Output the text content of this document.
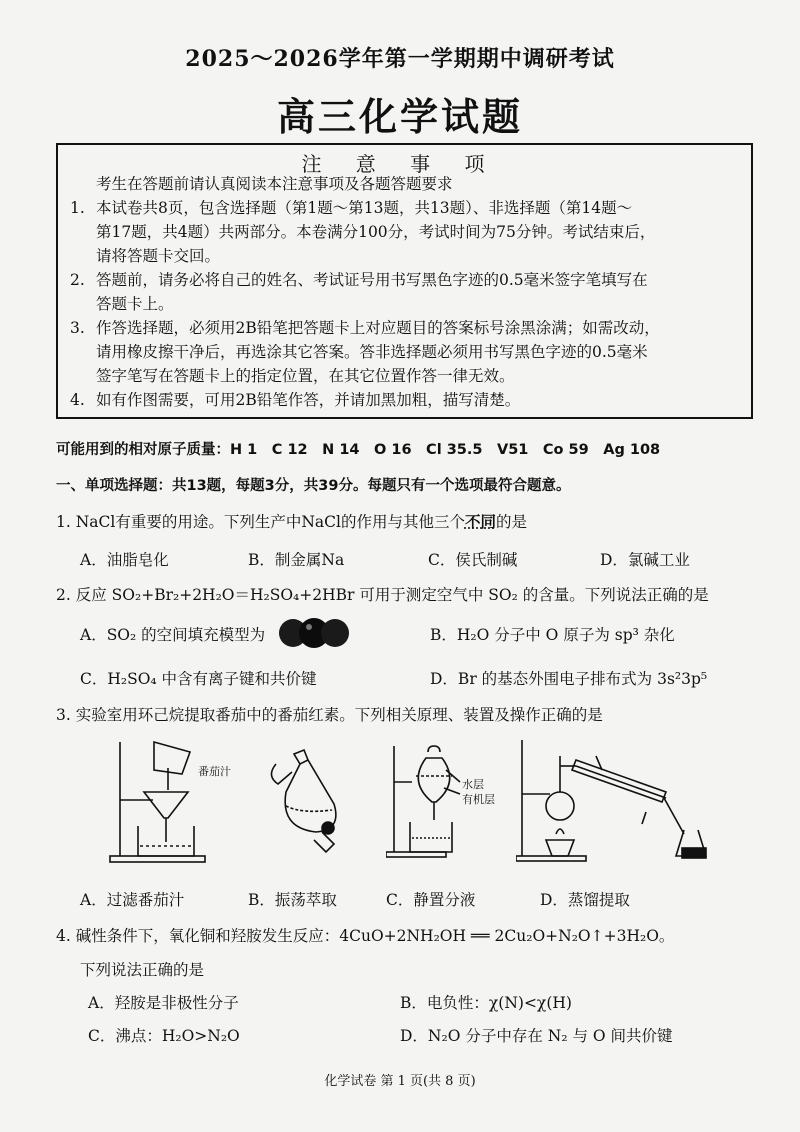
2025～2026学年第一学期期中调研考试
高三化学试题
注 意 事 项
考生在答题前请认真阅读本注意事项及各题答题要求
1. 本试卷共8页，包含选择题（第1题～第13题，共13题）、非选择题（第14题～
第17题，共4题）共两部分。本卷满分100分，考试时间为75分钟。考试结束后，
请将答题卡交回。
2. 答题前，请务必将自己的姓名、考试证号用书写黑色字迹的0.5毫米签字笔填写在
答题卡上。
3. 作答选择题，必须用2B铅笔把答题卡上对应题目的答案标号涂黑涂满；如需改动，
请用橡皮擦干净后，再选涂其它答案。答非选择题必须用书写黑色字迹的0.5毫米
签字笔写在答题卡上的指定位置，在其它位置作答一律无效。
4. 如有作图需要，可用2B铅笔作答，并请加黑加粗，描写清楚。
可能用到的相对原子质量：H 1　C 12　N 14　O 16　Cl 35.5　V51　Co 59　Ag 108
一、单项选择题：共13题，每题3分，共39分。每题只有一个选项最符合题意。
1. NaCl有重要的用途。下列生产中NaCl的作用与其他三个不同的是
A．油脂皂化	B．制金属Na	C．侯氏制碱	D．氯碱工业
2. 反应 SO₂+Br₂+2H₂O＝H₂SO₄+2HBr 可用于测定空气中 SO₂ 的含量。下列说法正确的是
A．SO₂ 的空间填充模型为	B．H₂O 分子中 O 原子为 sp³ 杂化
C．H₂SO₄ 中含有离子键和共价键	D．Br 的基态外围电子排布式为 3s²3p⁵
3. 实验室用环己烷提取番茄中的番茄红素。下列相关原理、装置及操作正确的是
番茄汁
水层
有机层
A．过滤番茄汁	B．振荡萃取	C．静置分液	D．蒸馏提取
4. 碱性条件下，氧化铜和羟胺发生反应：4CuO+2NH₂OH ══ 2Cu₂O+N₂O↑+3H₂O。
下列说法正确的是
A．羟胺是非极性分子	B．电负性：χ(N)<χ(H)
C．沸点：H₂O>N₂O	D．N₂O 分子中存在 N₂ 与 O 间共价键
化学试卷 第 1 页(共 8 页)
